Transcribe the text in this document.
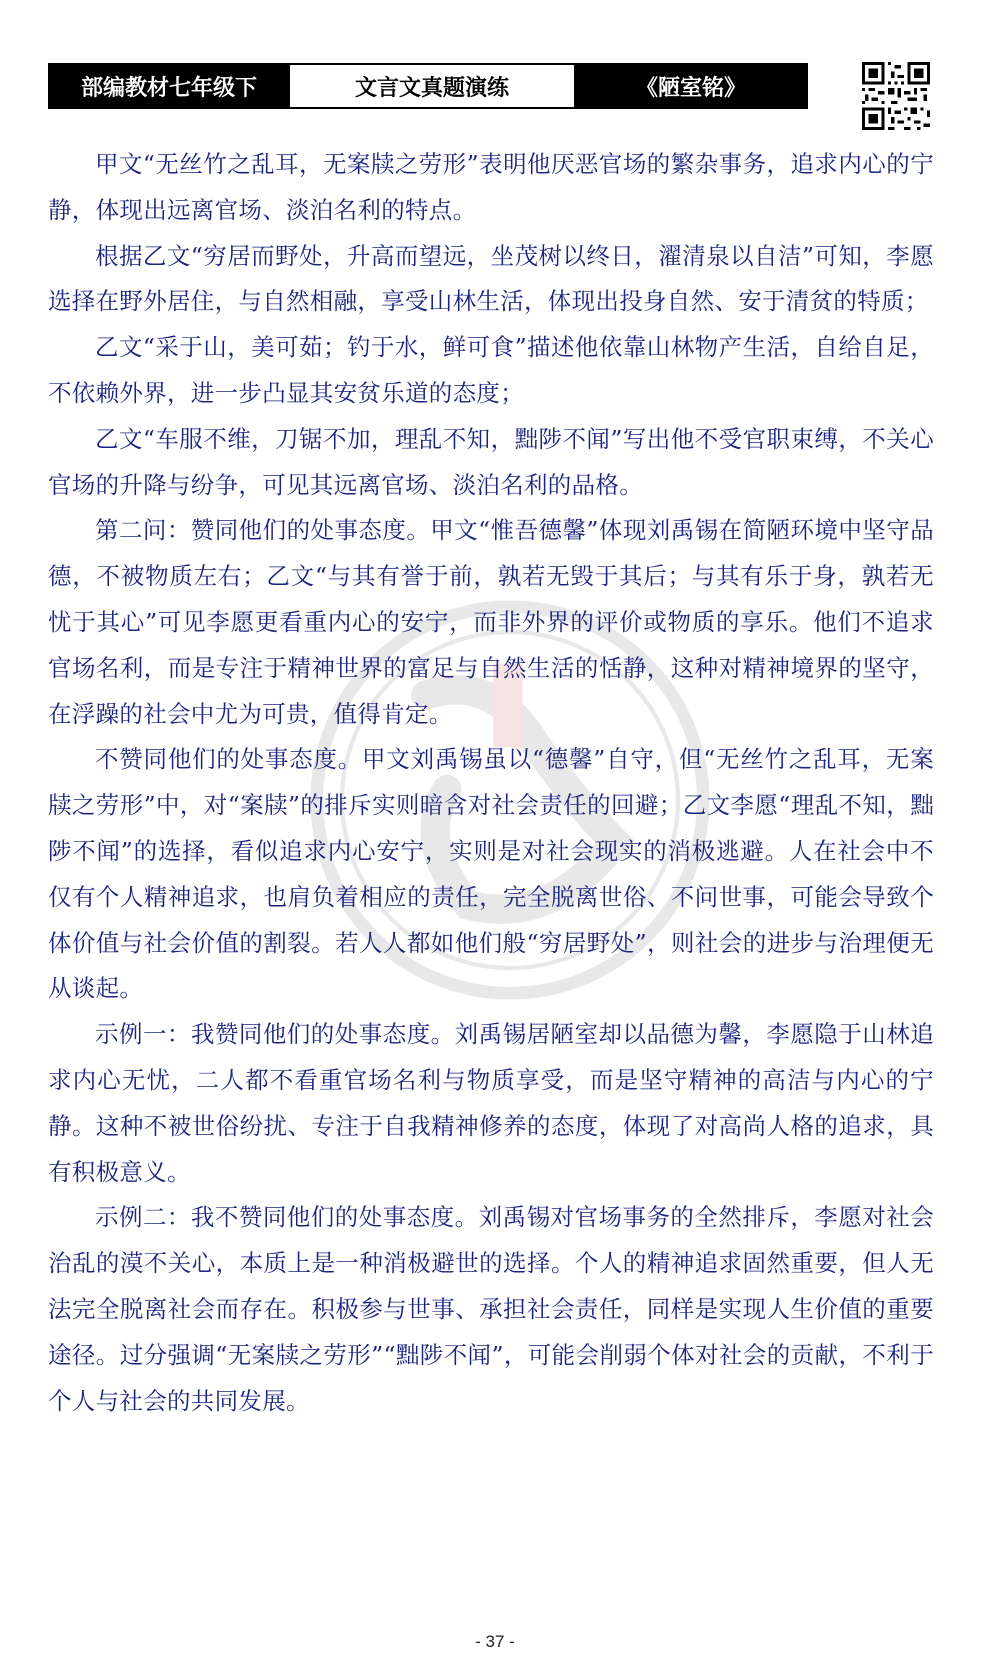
部编教材七年级下	文言文真题演练	《陋室铭》

甲文“无丝竹之乱耳，无案牍之劳形”表明他厌恶官场的繁杂事务，追求内心的宁静，体现出远离官场、淡泊名利的特点。

根据乙文“穷居而野处，升高而望远，坐茂树以终日，濯清泉以自洁”可知，李愿选择在野外居住，与自然相融，享受山林生活，体现出投身自然、安于清贫的特质；

乙文“采于山，美可茹；钓于水，鲜可食”描述他依靠山林物产生活，自给自足，不依赖外界，进一步凸显其安贫乐道的态度；

乙文“车服不维，刀锯不加，理乱不知，黜陟不闻”写出他不受官职束缚，不关心官场的升降与纷争，可见其远离官场、淡泊名利的品格。

第二问：赞同他们的处事态度。甲文“惟吾德馨”体现刘禹锡在简陋环境中坚守品德，不被物质左右；乙文“与其有誉于前，孰若无毁于其后；与其有乐于身，孰若无忧于其心”可见李愿更看重内心的安宁，而非外界的评价或物质的享乐。他们不追求官场名利，而是专注于精神世界的富足与自然生活的恬静，这种对精神境界的坚守，在浮躁的社会中尤为可贵，值得肯定。

不赞同他们的处事态度。甲文刘禹锡虽以“德馨”自守，但“无丝竹之乱耳，无案牍之劳形”中，对“案牍”的排斥实则暗含对社会责任的回避；乙文李愿“理乱不知，黜陟不闻”的选择，看似追求内心安宁，实则是对社会现实的消极逃避。人在社会中不仅有个人精神追求，也肩负着相应的责任，完全脱离世俗、不问世事，可能会导致个体价值与社会价值的割裂。若人人都如他们般“穷居野处”，则社会的进步与治理便无从谈起。

示例一：我赞同他们的处事态度。刘禹锡居陋室却以品德为馨，李愿隐于山林追求内心无忧，二人都不看重官场名利与物质享受，而是坚守精神的高洁与内心的宁静。这种不被世俗纷扰、专注于自我精神修养的态度，体现了对高尚人格的追求，具有积极意义。

示例二：我不赞同他们的处事态度。刘禹锡对官场事务的全然排斥，李愿对社会治乱的漠不关心，本质上是一种消极避世的选择。个人的精神追求固然重要，但人无法完全脱离社会而存在。积极参与世事、承担社会责任，同样是实现人生价值的重要途径。过分强调“无案牍之劳形”“黜陟不闻”，可能会削弱个体对社会的贡献，不利于个人与社会的共同发展。

- 37 -
